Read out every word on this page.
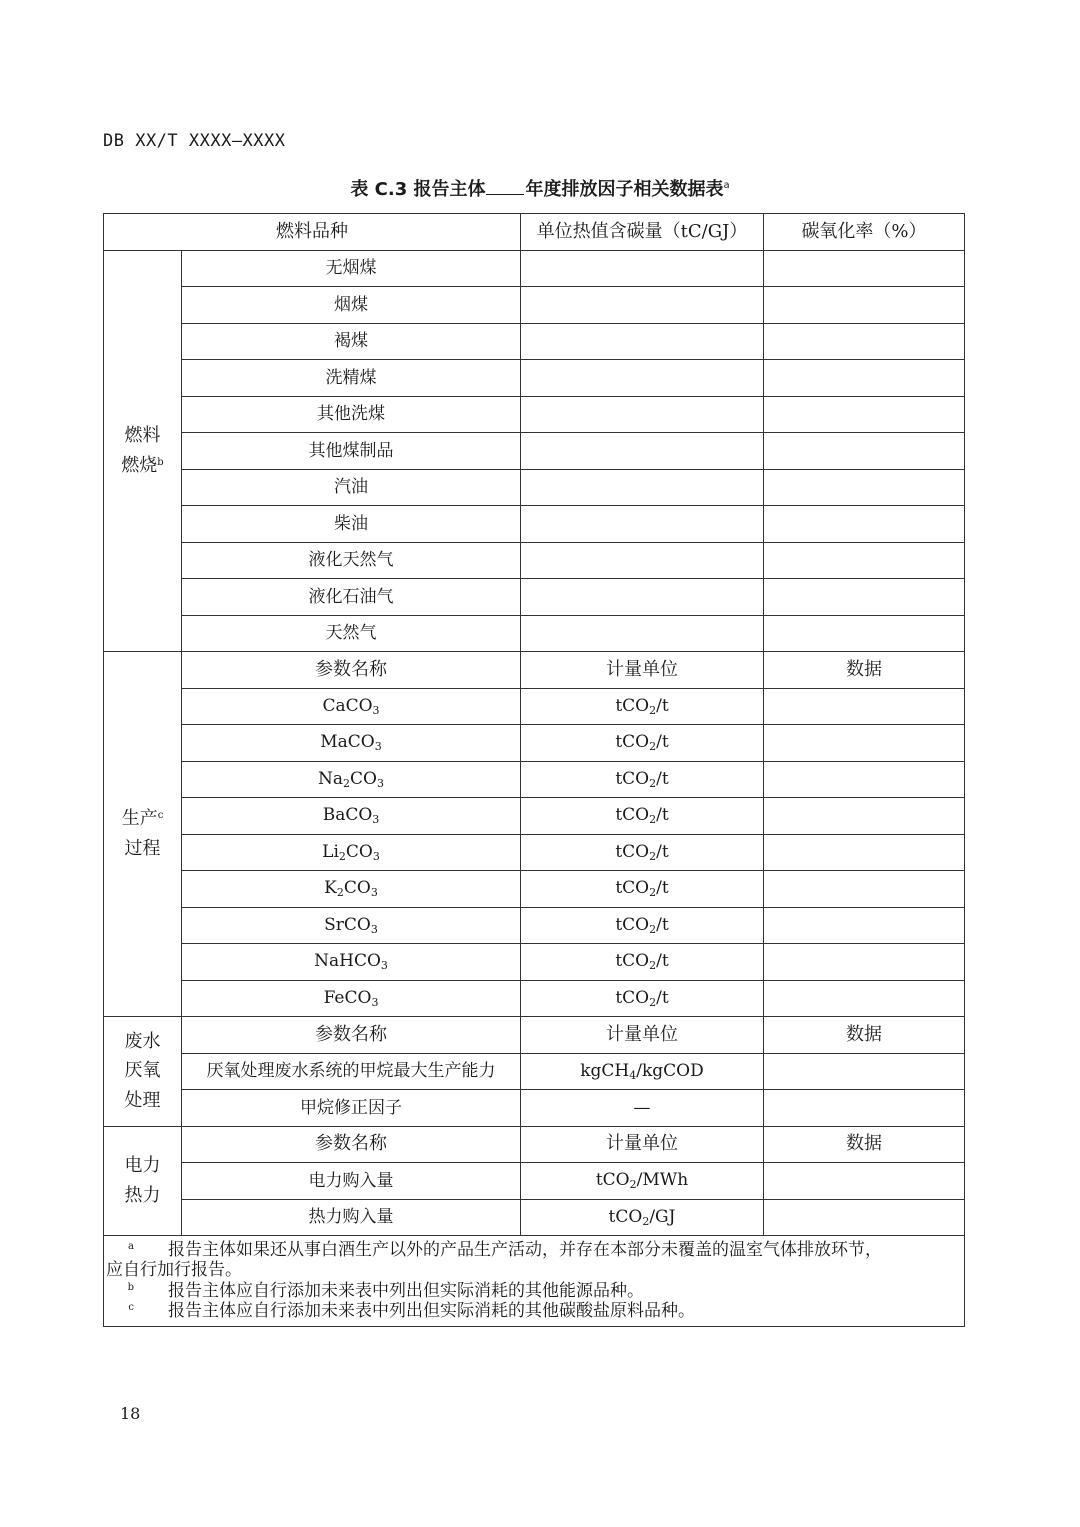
DB XX/T XXXX—XXXX
表 C.3 报告主体 年度排放因子相关数据表$^a$
燃料品种		单位热值含碳量（tC/GJ）	碳氧化率（%）
燃料
燃烧$^b$	无烟煤		
	烟煤		
	褐煤		
	洗精煤		
	其他洗煤		
	其他煤制品		
	汽油		
	柴油		
	液化天然气		
	液化石油气		
	天然气		
生产$^c$
过程	参数名称	计量单位	数据
	CaCO$_3$	tCO$_2$/t	
	MaCO$_3$	tCO$_2$/t	
	$Na_2CO_3$	tCO$_2$/t	
	BaCO$_3$	tCO$_2$/t	
	$Li_2CO_3$	tCO$_2$/t	
	$K_2CO_3$	tCO$_2$/t	
	SrCO$_3$	tCO$_2$/t	
	NaHCO$_3$	tCO$_2$/t	
	FeCO$_3$	tCO$_2$/t	
废水
厌氧
处理	参数名称	计量单位	数据
	厌氧处理废水系统的甲烷最大生产能力	kgCH$_4$/kgCOD	
	甲烷修正因子	—	
电力
热力	参数名称	计量单位	数据
	电力购入量	tCO$_2$/MWh	
	热力购入量	tCO$_2$/GJ	

a 报告主体如果还从事白酒生产以外的产品生产活动，并存在本部分未覆盖的温室气体排放环节，
应自行加行报告。
b 报告主体应自行添加未来表中列出但实际消耗的其他能源品种。
c 报告主体应自行添加未来表中列出但实际消耗的其他碳酸盐原料品种。			
18
